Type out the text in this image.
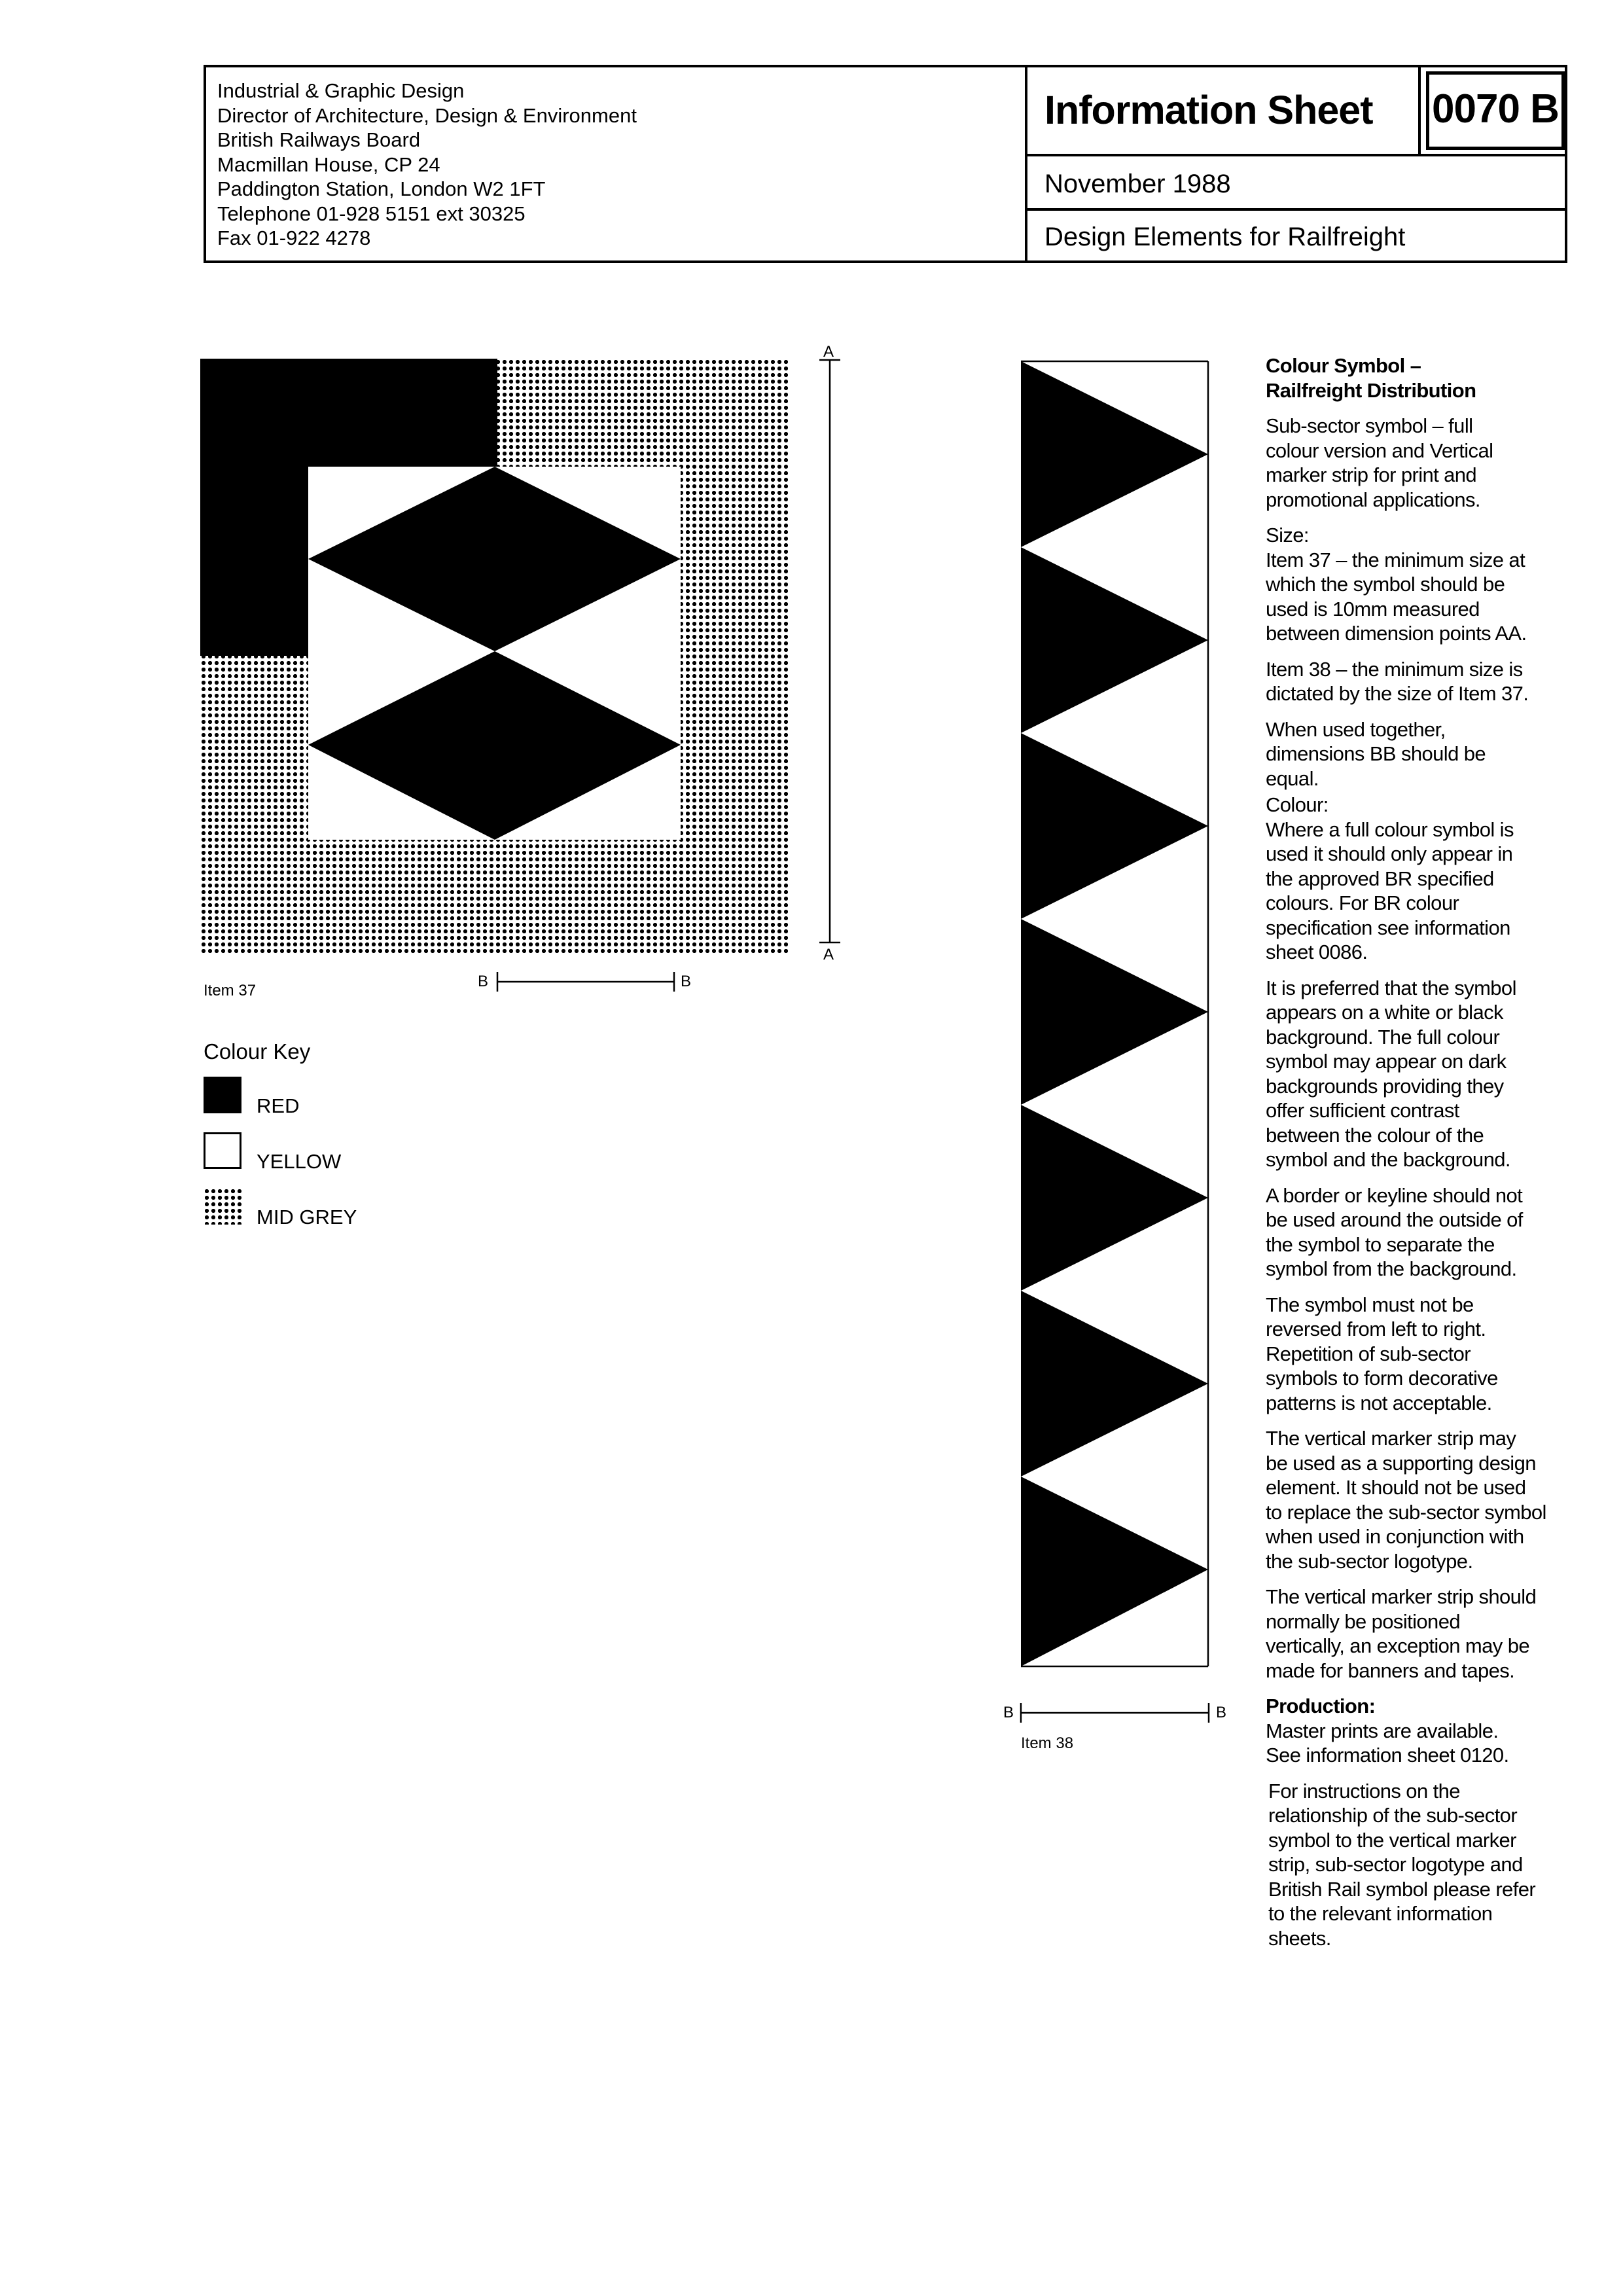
Industrial & Graphic Design
Director of Architecture, Design & Environment
British Railways Board
Macmillan House, CP 24
Paddington Station, London W2 1FT
Telephone 01-928 5151 ext 30325
Fax 01-922 4278
Information Sheet 0070 B
November 1988
Design Elements for Railfreight
A
A
B	B
Item 37
Colour Key
RED
YELLOW
MID GREY
B	B
Item 38

Colour Symbol –
Railfreight Distribution

Sub-sector symbol – full
colour version and Vertical
marker strip for print and
promotional applications.

Size:
Item 37 – the minimum size at
which the symbol should be
used is 10mm measured
between dimension points AA.

Item 38 – the minimum size is
dictated by the size of Item 37.

When used together,
dimensions BB should be
equal.

Colour:
Where a full colour symbol is
used it should only appear in
the approved BR specified
colours. For BR colour
specification see information
sheet 0086.

It is preferred that the symbol
appears on a white or black
background. The full colour
symbol may appear on dark
backgrounds providing they
offer sufficient contrast
between the colour of the
symbol and the background.

A border or keyline should not
be used around the outside of
the symbol to separate the
symbol from the background.

The symbol must not be
reversed from left to right.
Repetition of sub-sector
symbols to form decorative
patterns is not acceptable.

The vertical marker strip may
be used as a supporting design
element. It should not be used
to replace the sub-sector symbol
when used in conjunction with
the sub-sector logotype.

The vertical marker strip should
normally be positioned
vertically, an exception may be
made for banners and tapes.

Production:
Master prints are available.
See information sheet 0120.

For instructions on the
relationship of the sub-sector
symbol to the vertical marker
strip, sub-sector logotype and
British Rail symbol please refer
to the relevant information
sheets.
